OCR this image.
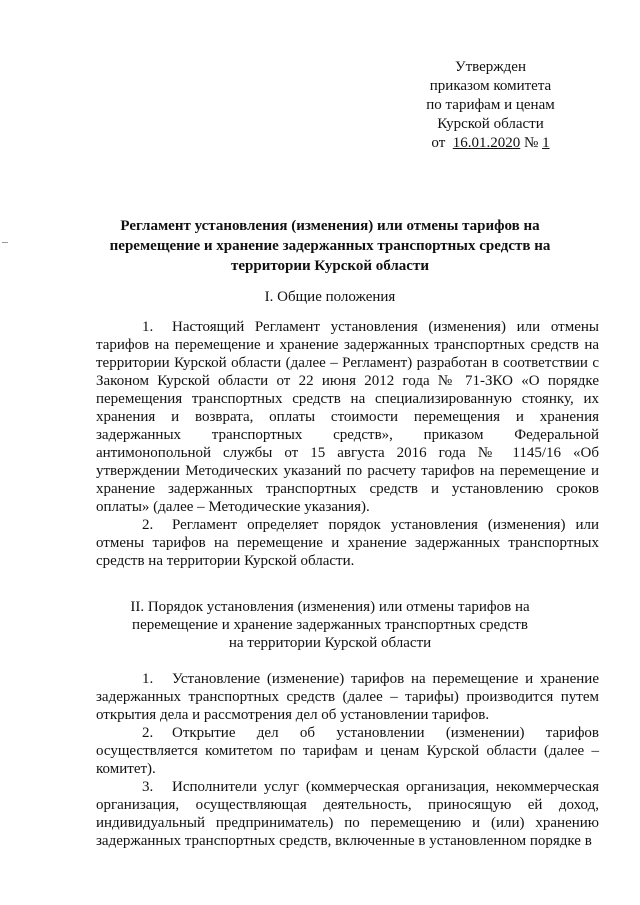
Утвержден
приказом комитета
по тарифам и ценам
Курской области
от 16.01.2020 № 1
Регламент установления (изменения) или отмены тарифов на
перемещение и хранение задержанных транспортных средств на
территории Курской области
I. Общие положения

1. Настоящий Регламент установления (изменения) или отмены тарифов на перемещение и хранение задержанных транспортных средств на территории Курской области (далее – Регламент) разработан в соответствии с Законом Курской области от 22 июня 2012 года № 71-ЗКО «О порядке перемещения транспортных средств на специализированную стоянку, их хранения и возврата, оплаты стоимости перемещения и хранения задержанных транспортных средств», приказом Федеральной антимонопольной службы от 15 августа 2016 года № 1145/16 «Об утверждении Методических указаний по расчету тарифов на перемещение и хранение задержанных транспортных средств и установлению сроков оплаты» (далее – Методические указания).

2. Регламент определяет порядок установления (изменения) или отмены тарифов на перемещение и хранение задержанных транспортных средств на территории Курской области.

II. Порядок установления (изменения) или отмены тарифов на
перемещение и хранение задержанных транспортных средств
на территории Курской области

1. Установление (изменение) тарифов на перемещение и хранение задержанных транспортных средств (далее – тарифы) производится путем открытия дела и рассмотрения дел об установлении тарифов.

2. Открытие дел об установлении (изменении) тарифов осуществляется комитетом по тарифам и ценам Курской области (далее – комитет).

3. Исполнители услуг (коммерческая организация, некоммерческая организация, осуществляющая деятельность, приносящую ей доход, индивидуальный предприниматель) по перемещению и (или) хранению задержанных транспортных средств, включенные в установленном порядке в
